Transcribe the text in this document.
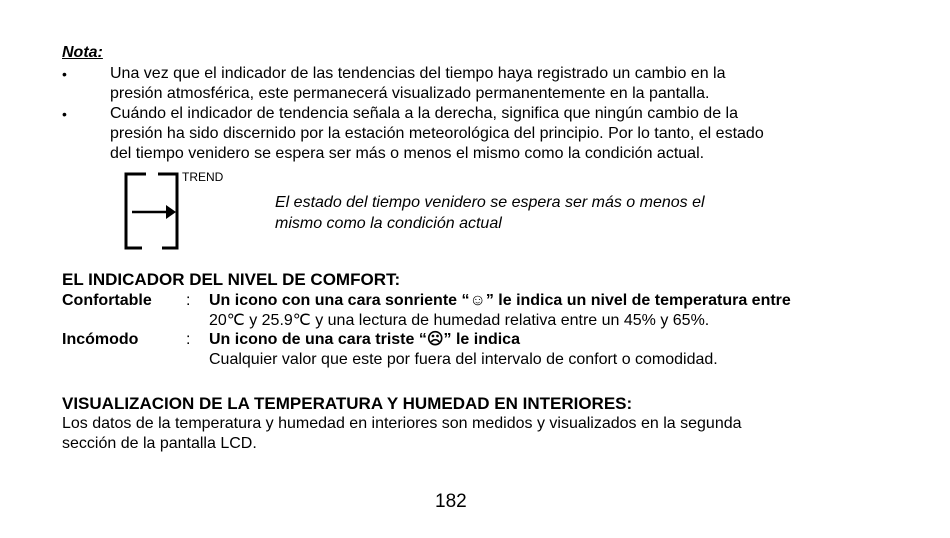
Nota:
•	Una vez que el indicador de las tendencias del tiempo haya registrado un cambio en la
presión atmosférica, este permanecerá visualizado permanentemente en la pantalla.
•	Cuándo el indicador de tendencia señala a la derecha, significa que ningún cambio de la
presión ha sido discernido por la estación meteorológica del principio. Por lo tanto, el estado
del tiempo venidero se espera ser más o menos el mismo como la condición actual.
TREND
El estado del tiempo venidero se espera ser más o menos el
mismo como la condición actual
EL INDICADOR DEL NIVEL DE COMFORT:
Confortable : Un icono con una cara sonriente “☺” le indica un nivel de temperatura entre
20℃ y 25.9℃ y una lectura de humedad relativa entre un 45% y 65%.
Incómodo	: Un icono de una cara triste “☹” le indica
Cualquier valor que este por fuera del intervalo de confort o comodidad.
VISUALIZACION DE LA TEMPERATURA Y HUMEDAD EN INTERIORES:
Los datos de la temperatura y humedad en interiores son medidos y visualizados en la segunda
sección de la pantalla LCD.
182
